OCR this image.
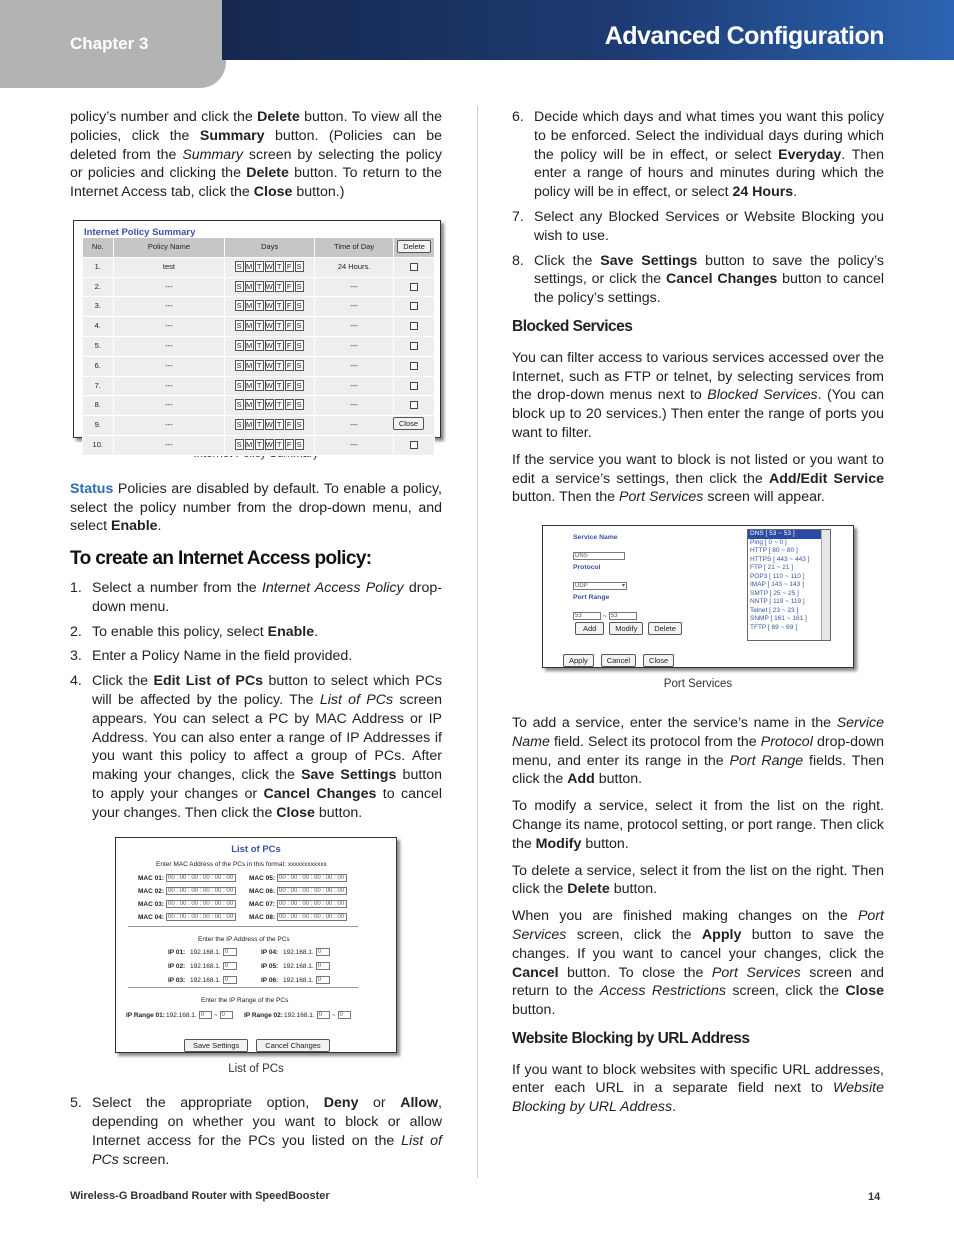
Chapter 3	Advanced Configuration

policy’s number and click the Delete button. To view all the policies, click the Summary button. (Policies can be deleted from the Summary screen by selecting the policy or policies and clicking the Delete button. To return to the Internet Access tab, click the Close button.)

Internet Policy Summary
No.	Policy Name	Days	Time of Day	Delete
1.	test	S M T W T F S	24 Hours.	
2.	---	S M T W T F S	---	
3.	---	S M T W T F S	---	
4.	---	S M T W T F S	---	
5.	---	S M T W T F S	---	
6.	---	S M T W T F S	---	
7.	---	S M T W T F S	---	
8.	---	S M T W T F S	---	
9.	---	S M T W T F S	---	
10.	---	S M T W T F S	---	
Close

Status Policies are disabled by default. To enable a policy, select the policy number from the drop-down menu, and select Enable.

To create an Internet Access policy:
1. Select a number from the Internet Access Policy drop-down menu.
2. To enable this policy, select Enable.
3. Enter a Policy Name in the field provided.
4. Click the Edit List of PCs button to select which PCs will be affected by the policy. The List of PCs screen appears. You can select a PC by MAC Address or IP Address. You can also enter a range of IP Addresses if you want this policy to affect a group of PCs. After making your changes, click the Save Settings button to apply your changes or Cancel Changes to cancel your changes. Then click the Close button.
List of PCs
Enter MAC Address of the PCs in this format: xxxxxxxxxxxx
MAC 01: 00 : 00 : 00 : 00 : 00 : 00
MAC 02: 00 : 00 : 00 : 00 : 00 : 00
MAC 03: 00 : 00 : 00 : 00 : 00 : 00
MAC 04: 00 : 00 : 00 : 00 : 00 : 00
MAC 05: 00 : 00 : 00 : 00 : 00 : 00
MAC 06: 00 : 00 : 00 : 00 : 00 : 00
MAC 07: 00 : 00 : 00 : 00 : 00 : 00
MAC 08: 00 : 00 : 00 : 00 : 00 : 00
Enter the IP Address of the PCs
IP 01: 192.168.1. 0
IP 02: 192.168.1. 0
IP 03: 192.168.1. 0
IP 04: 192.168.1. 0
IP 05: 192.168.1. 0
IP 06: 192.168.1. 0
Enter the IP Range of the PCs
IP Range 01:192.168.1. 0 ~ 0	IP Range 02:192.168.1. 0 ~ 0
Save Settings	Cancel Changes
List of PCs
5. Select the appropriate option, Deny or Allow, depending on whether you want to block or allow Internet access for the PCs you listed on the List of PCs screen.
6. Decide which days and what times you want this policy to be enforced. Select the individual days during which the policy will be in effect, or select Everyday. Then enter a range of hours and minutes during which the policy will be in effect, or select 24 Hours.
7. Select any Blocked Services or Website Blocking you wish to use.
8. Click the Save Settings button to save the policy’s settings, or click the Cancel Changes button to cancel the policy’s settings.
Blocked Services

You can filter access to various services accessed over the Internet, such as FTP or telnet, by selecting services from the drop-down menus next to Blocked Services. (You can block up to 20 services.) Then enter the range of ports you want to filter.

If the service you want to block is not listed or you want to edit a service’s settings, then click the Add/Edit Service button. Then the Port Services screen will appear.

Service Name
DNS
Protocol
UDP	▾
Port Range
53	~ 53
Add	Modify Delete
DNS [ 53 ~ 53 ]
Ping [ 0 ~ 0 ]
HTTP [ 80 ~ 80 ]
HTTPS [ 443 ~ 443 ]
FTP [ 21 ~ 21 ]
POP3 [ 110 ~ 110 ]
IMAP [ 143 ~ 143 ]
SMTP [ 25 ~ 25 ]
NNTP [ 119 ~ 119 ]
Telnet [ 23 ~ 23 ]
SNMP [ 161 ~ 161 ]
TFTP [ 69 ~ 69 ]
Apply	Cancel	Close
Port Services

To add a service, enter the service’s name in the Service Name field. Select its protocol from the Protocol drop-down menu, and enter its range in the Port Range fields. Then click the Add button.

To modify a service, select it from the list on the right. Change its name, protocol setting, or port range. Then click the Modify button.

To delete a service, select it from the list on the right. Then click the Delete button.

When you are finished making changes on the Port Services screen, click the Apply button to save the changes. If you want to cancel your changes, click the Cancel button. To close the Port Services screen and return to the Access Restrictions screen, click the Close button.

Website Blocking by URL Address

If you want to block websites with specific URL addresses, enter each URL in a separate field next to Website Blocking by URL Address.

Wireless-G Broadband Router with SpeedBooster	14
